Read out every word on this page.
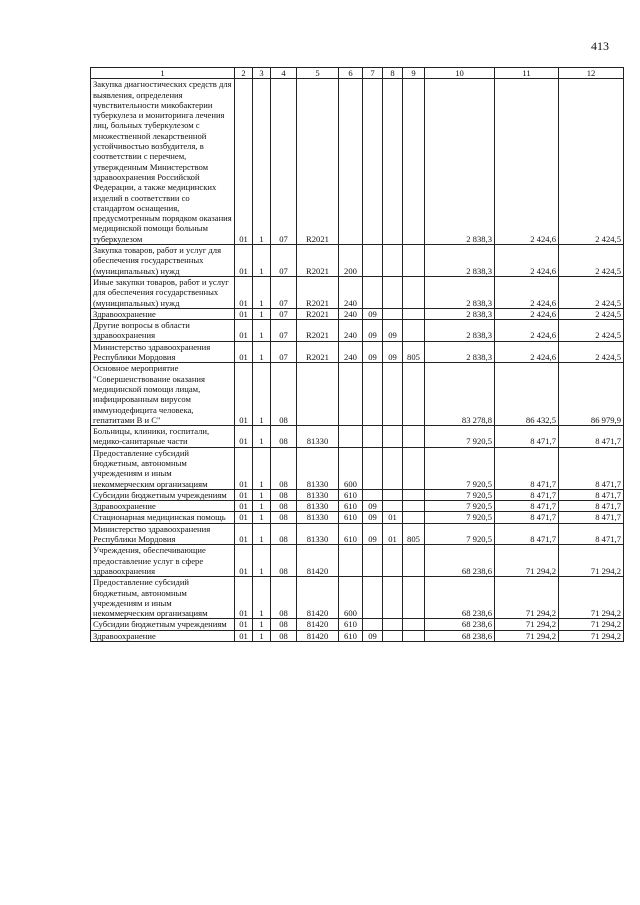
413
1	2	3	4	5	6	7	8	9	10	11	12
Закупка диагностических средств для выявления, определения чувствительности микобактерии туберкулеза и мониторинга лечения лиц, больных туберкулезом с множественной лекарственной устойчивостью возбудителя, в соответствии с перечнем, утвержденным Министерством здравоохранения Российской Федерации, а также медицинских изделий в соответствии со стандартом оснащения, предусмотренным порядком оказания медицинской помощи больным туберкулезом	01	1	07	R2021					2 838,3	2 424,6	2 424,5
Закупка товаров, работ и услуг для обеспечения государственных (муниципальных) нужд	01	1	07	R2021	200				2 838,3	2 424,6	2 424,5
Иные закупки товаров, работ и услуг для обеспечения государственных (муниципальных) нужд	01	1	07	R2021	240				2 838,3	2 424,6	2 424,5
Здравоохранение	01	1	07	R2021	240	09			2 838,3	2 424,6	2 424,5
Другие вопросы в области здравоохранения	01	1	07	R2021	240	09	09		2 838,3	2 424,6	2 424,5
Министерство здравоохранения Республики Мордовия	01	1	07	R2021	240	09	09	805	2 838,3	2 424,6	2 424,5
Основное мероприятие "Совершенствование оказания медицинской помощи лицам, инфицированным вирусом иммунодефицита человека, гепатитами В и С"	01	1	08						83 278,8	86 432,5	86 979,9
Больницы, клиники, госпитали, медико-санитарные части	01	1	08	81330					7 920,5	8 471,7	8 471,7
Предоставление субсидий бюджетным, автономным учреждениям и иным некоммерческим организациям	01	1	08	81330	600				7 920,5	8 471,7	8 471,7
Субсидии бюджетным учреждениям	01	1	08	81330	610				7 920,5	8 471,7	8 471,7
Здравоохранение	01	1	08	81330	610	09			7 920,5	8 471,7	8 471,7
Стационарная медицинская помощь	01	1	08	81330	610	09	01		7 920,5	8 471,7	8 471,7
Министерство здравоохранения Республики Мордовия	01	1	08	81330	610	09	01	805	7 920,5	8 471,7	8 471,7
Учреждения, обеспечивающие предоставление услуг в сфере здравоохранения	01	1	08	81420					68 238,6	71 294,2	71 294,2
Предоставление субсидий бюджетным, автономным учреждениям и иным некоммерческим организациям	01	1	08	81420	600				68 238,6	71 294,2	71 294,2
Субсидии бюджетным учреждениям	01	1	08	81420	610				68 238,6	71 294,2	71 294,2
Здравоохранение	01	1	08	81420	610	09			68 238,6	71 294,2	71 294,2
